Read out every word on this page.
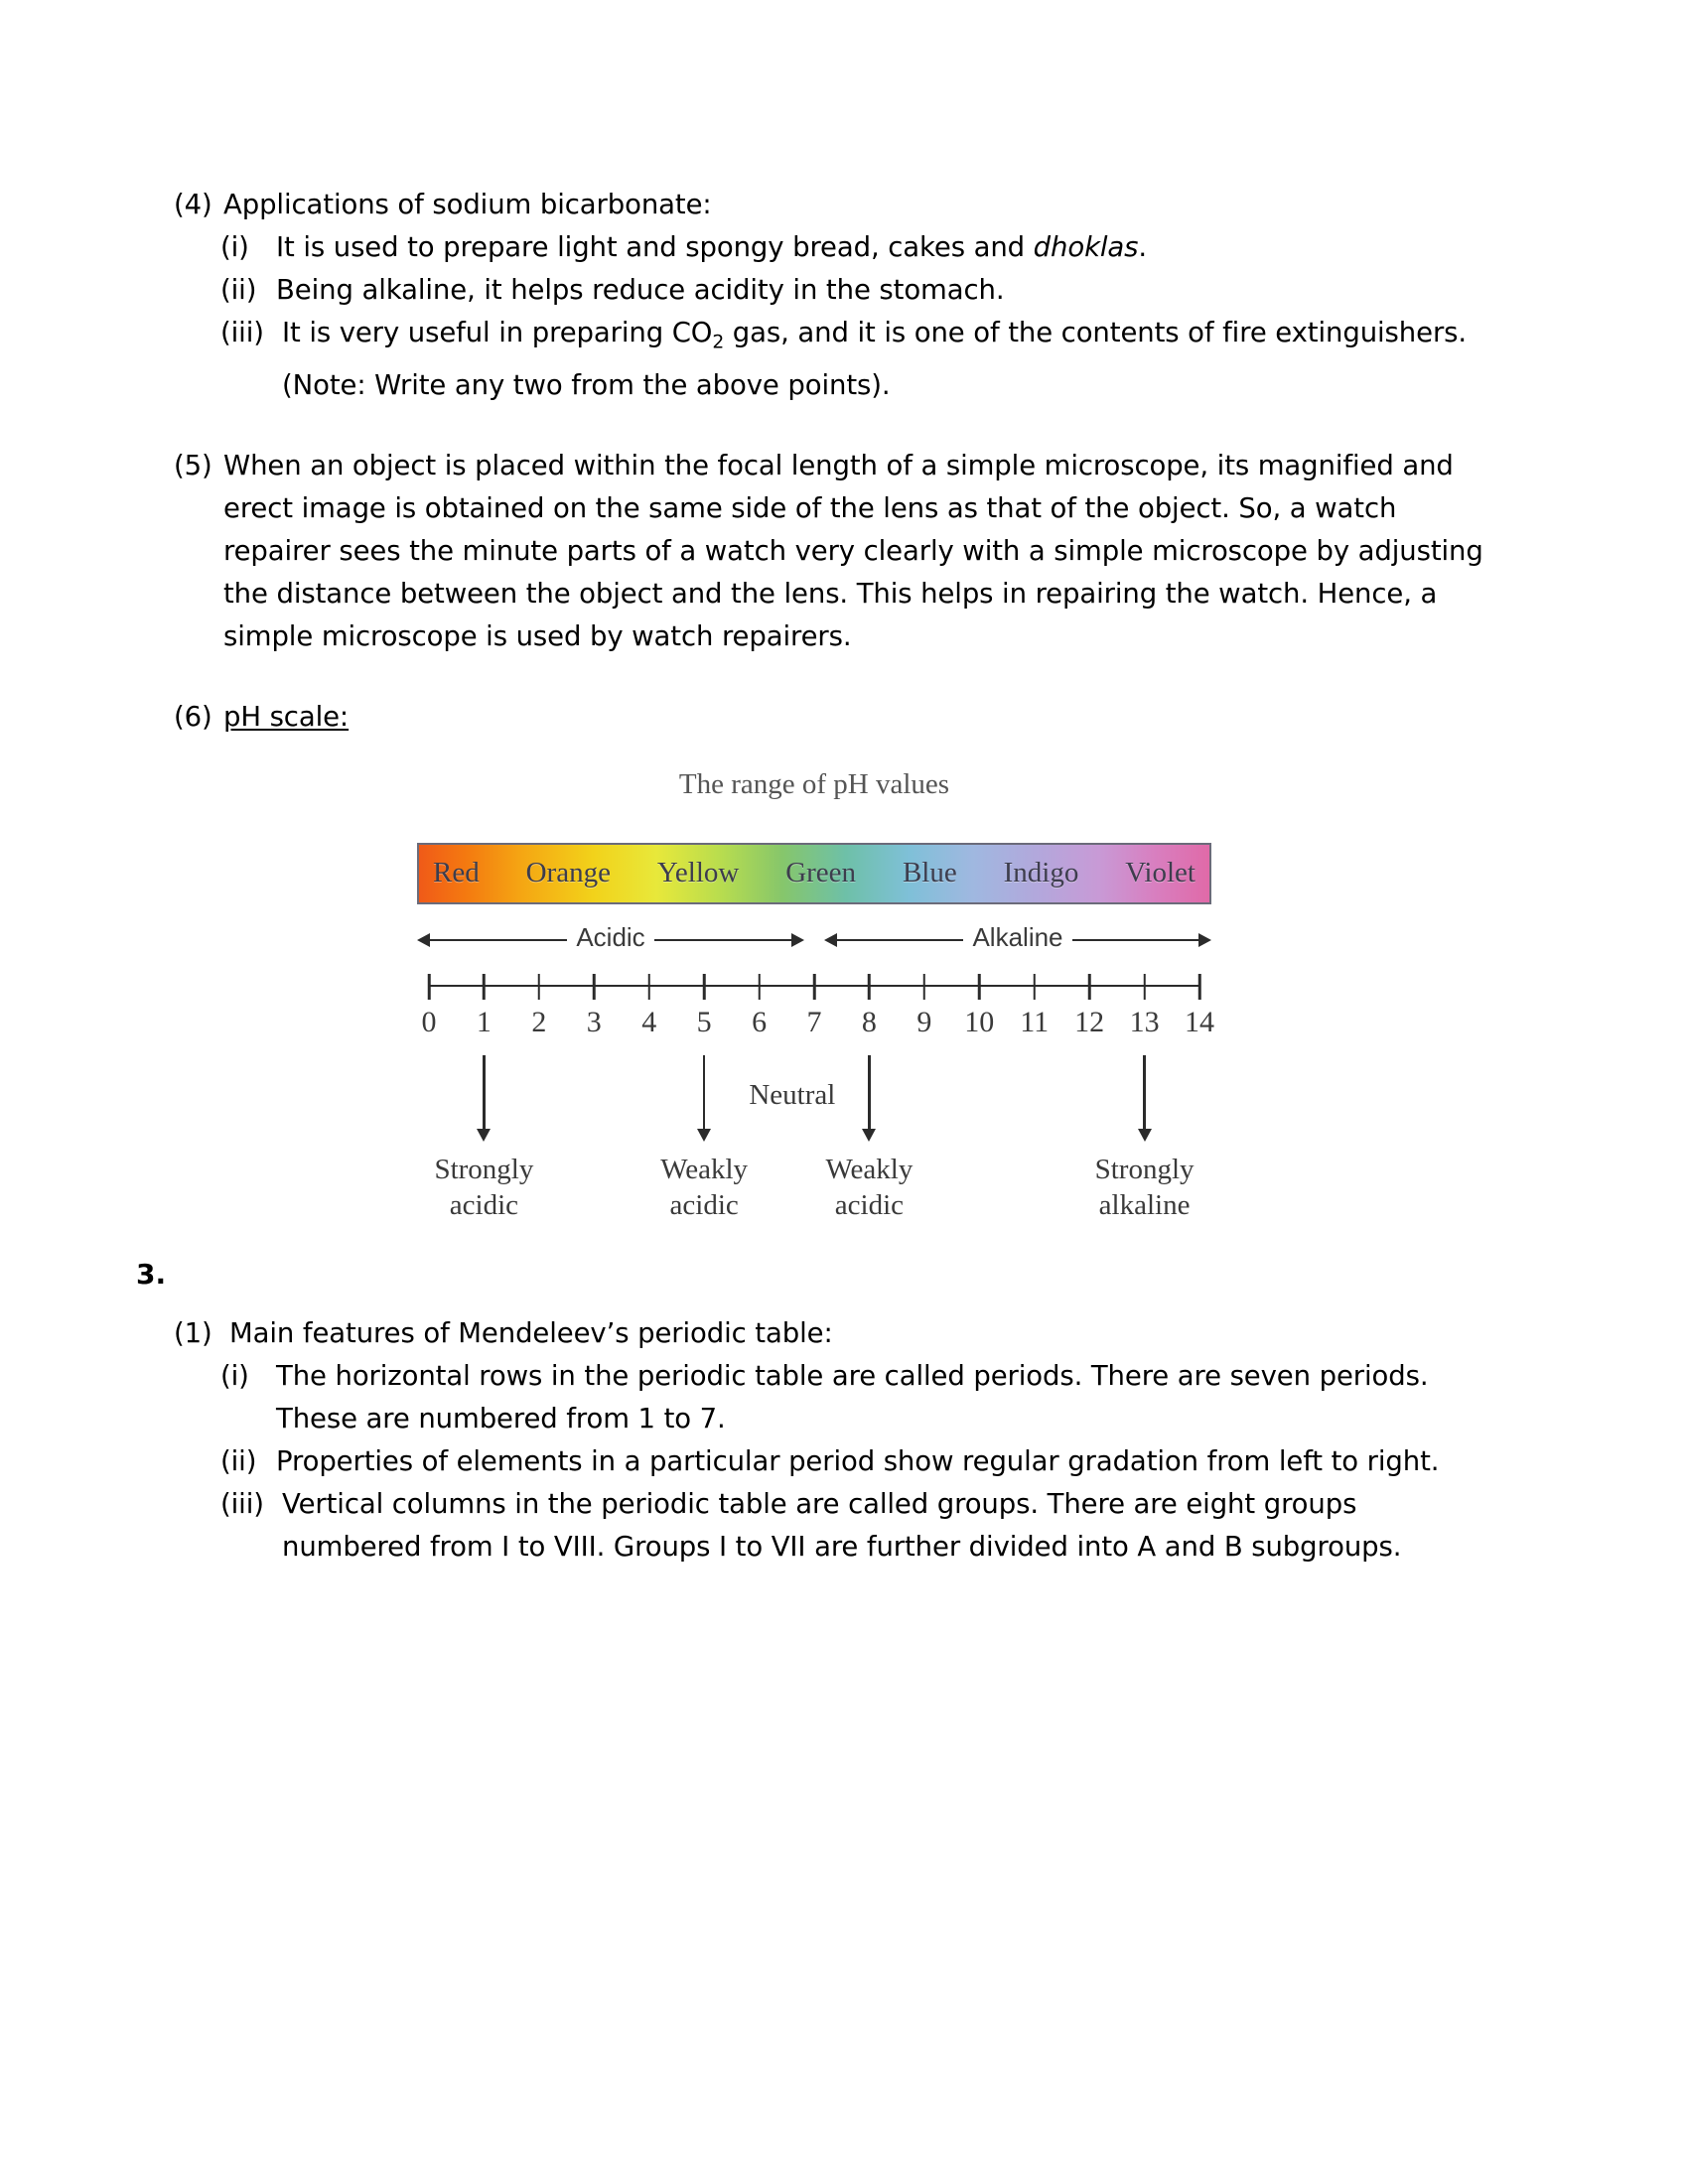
(4) Applications of sodium bicarbonate:
(i) It is used to prepare light and spongy bread, cakes and dhoklas.
(ii) Being alkaline, it helps reduce acidity in the stomach.
(iii) It is very useful in preparing $CO_2$ gas, and it is one of the contents of fire extinguishers.
(Note: Write any two from the above points).
(5) When an object is placed within the focal length of a simple microscope, its magnified and erect image is obtained on the same side of the lens as that of the object. So, a watch repairer sees the minute parts of a watch very clearly with a simple microscope by adjusting the distance between the object and the lens. This helps in repairing the watch. Hence, a simple microscope is used by watch repairers.
(6) pH scale:
The range of pH values
Red Orange Yellow Green Blue Indigo Violet
Acidic	Alkaline
0 1 2 3 4 5 6 7 8 9 10 11 12 13 14
Strongly
acidic
Weakly
acidic
Weakly
acidic
Strongly
alkaline
Neutral
3.
(1) Main features of Mendeleev’s periodic table:
(i) The horizontal rows in the periodic table are called periods. There are seven periods. These are numbered from 1 to 7.
(ii) Properties of elements in a particular period show regular gradation from left to right.
(iii) Vertical columns in the periodic table are called groups. There are eight groups numbered from I to VIII. Groups I to VII are further divided into A and B subgroups.
